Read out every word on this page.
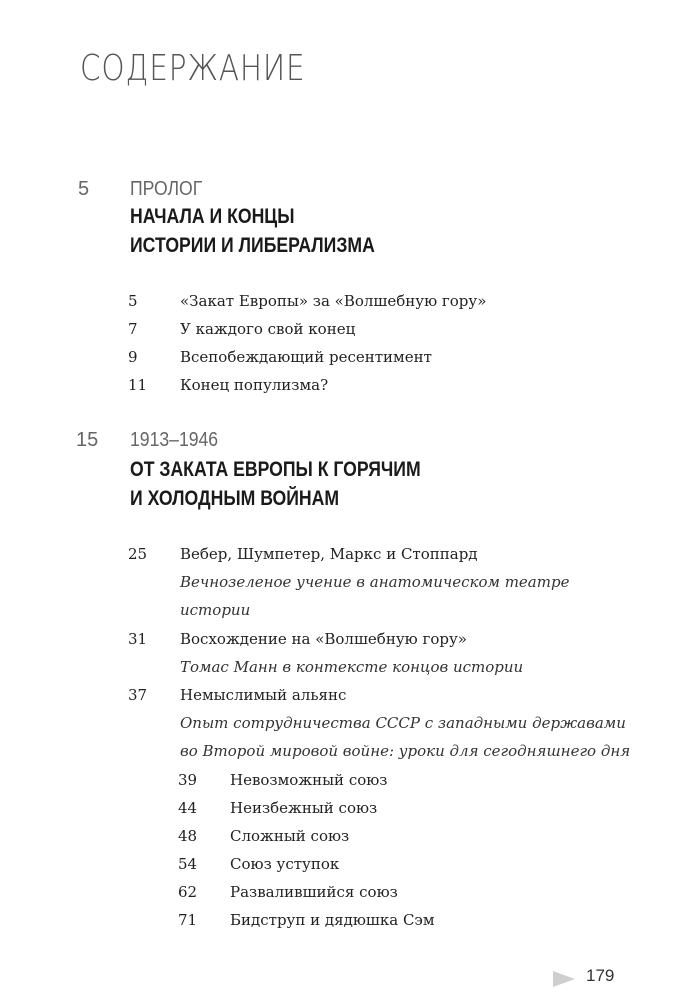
СОДЕРЖАНИЕ
5 ПРОЛОГ
НАЧАЛА И КОНЦЫ
ИСТОРИИ И ЛИБЕРАЛИЗМА
5	«Закат Европы» за «Волшебную гору»
7	У каждого свой конец
9	Всепобеждающий ресентимент
11 Конец популизма?
15 1913–1946
ОТ ЗАКАТА ЕВРОПЫ К ГОРЯЧИМ
И ХОЛОДНЫМ ВОЙНАМ
25 Вебер, Шумпетер, Маркс и Стоппард
Вечнозеленое учение в анатомическом театре
истории
31 Восхождение на «Волшебную гору»
Томас Манн в контексте концов истории
37 Немыслимый альянс
Опыт сотрудничества СССР с западными державами
во Второй мировой войне: уроки для сегодняшнего дня
39 Невозможный союз
44 Неизбежный союз
48 Сложный союз
54 Союз уступок
62 Развалившийся союз
71 Бидструп и дядюшка Сэм
179
